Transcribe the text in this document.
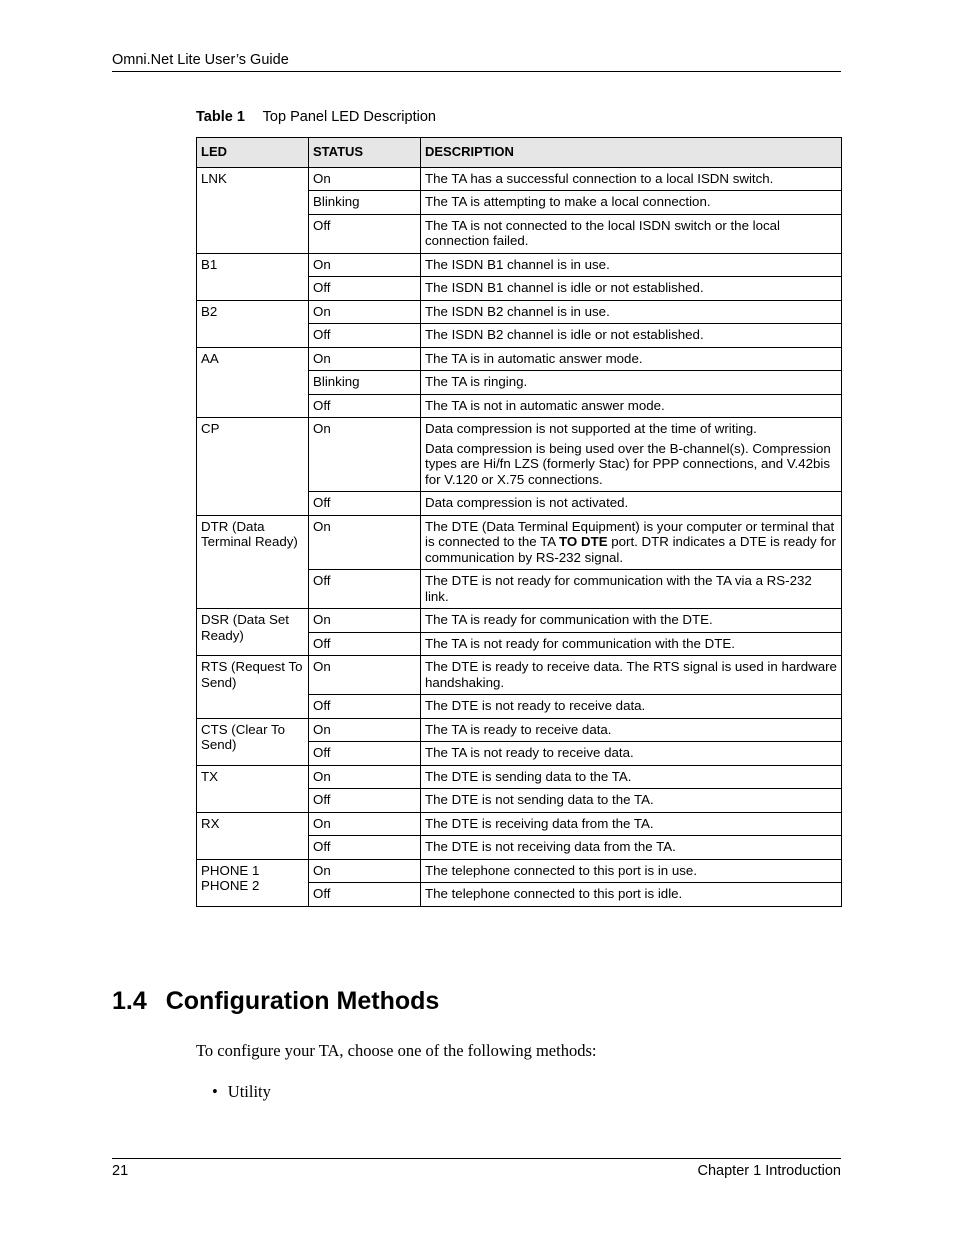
Omni.Net Lite User’s Guide
Table 1 Top Panel LED Description
LED	STATUS	DESCRIPTION
LNK	On	The TA has a successful connection to a local ISDN switch.

	Blinking	The TA is attempting to make a local connection.

	Off	The TA is not connected to the local ISDN switch or the local connection failed.

B1	On	The ISDN B1 channel is in use.

	Off	The ISDN B1 channel is idle or not established.

B2	On	The ISDN B2 channel is in use.

	Off	The ISDN B2 channel is idle or not established.

AA	On	The TA is in automatic answer mode.

	Blinking	The TA is ringing.

	Off	The TA is not in automatic answer mode.

CP	On	Data compression is not supported at the time of writing.
Data compression is being used over the B-channel(s). Compression types are Hi/fn LZS (formerly Stac) for PPP connections, and V.42bis for V.120 or X.75 connections.

	Off	Data compression is not activated.

DTR (Data Terminal Ready)	On	The DTE (Data Terminal Equipment) is your computer or terminal that is connected to the TA TO DTE port. DTR indicates a DTE is ready for communication by RS-232 signal.
	Off	The DTE is not ready for communication with the TA via a RS-232 link.

DSR (Data Set Ready)	On	The TA is ready for communication with the DTE.

	Off	The TA is not ready for communication with the DTE.

RTS (Request To Send)	On	The DTE is ready to receive data. The RTS signal is used in hardware handshaking.

	Off	The DTE is not ready to receive data.

CTS (Clear To Send)	On	The TA is ready to receive data.

	Off	The TA is not ready to receive data.

TX	On	The DTE is sending data to the TA.

	Off	The DTE is not sending data to the TA.

RX	On	The DTE is receiving data from the TA.

	Off	The DTE is not receiving data from the TA.

PHONE 1
PHONE 2	On	The telephone connected to this port is in use.

	Off	The telephone connected to this port is idle.
1.4 Configuration Methods
To configure your TA, choose one of the following methods:
• Utility
21	Chapter 1 Introduction
